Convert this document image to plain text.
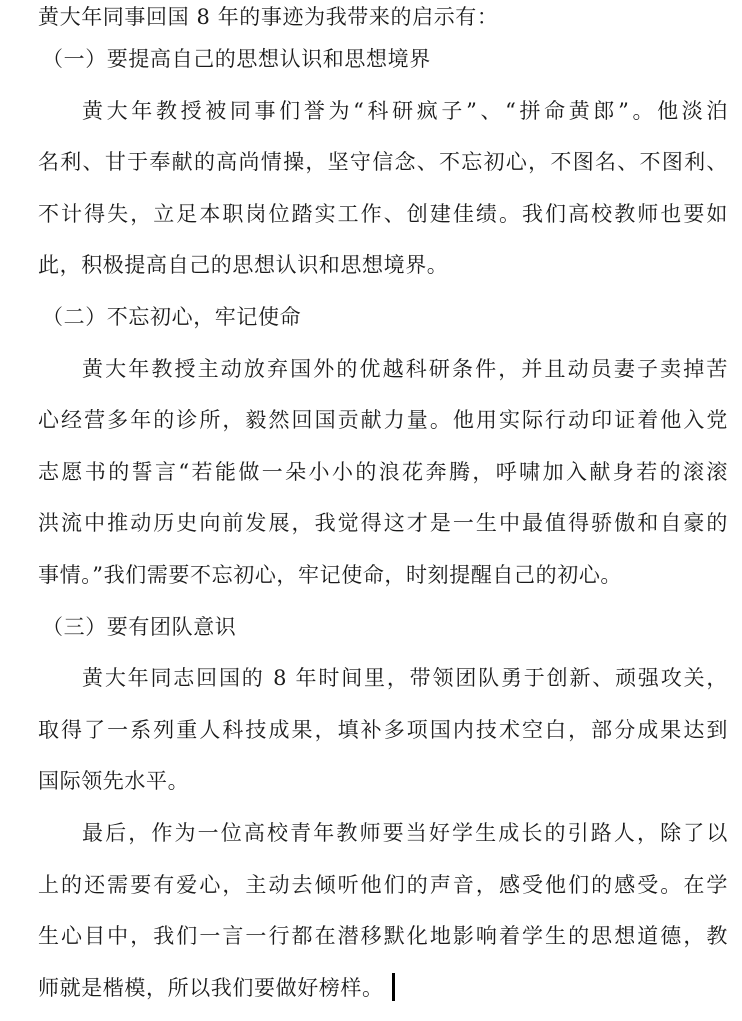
黄大年同事回国 8 年的事迹为我带来的启示有：
（一）要提高自己的思想认识和思想境界
黄大年教授被同事们誉为“科研疯子”、“拼命黄郎”。他淡泊
名利、甘于奉献的高尚情操，坚守信念、不忘初心，不图名、不图利、
不计得失，立足本职岗位踏实工作、创建佳绩。我们高校教师也要如
此，积极提高自己的思想认识和思想境界。
（二）不忘初心，牢记使命
黄大年教授主动放弃国外的优越科研条件，并且动员妻子卖掉苦
心经营多年的诊所，毅然回国贡献力量。他用实际行动印证着他入党
志愿书的誓言“若能做一朵小小的浪花奔腾，呼啸加入献身若的滚滚
洪流中推动历史向前发展，我觉得这才是一生中最值得骄傲和自豪的
事情。”我们需要不忘初心，牢记使命，时刻提醒自己的初心。
（三）要有团队意识
黄大年同志回国的 8 年时间里，带领团队勇于创新、顽强攻关，
取得了一系列重人科技成果，填补多项国内技术空白，部分成果达到
国际领先水平。
最后，作为一位高校青年教师要当好学生成长的引路人，除了以
上的还需要有爱心，主动去倾听他们的声音，感受他们的感受。在学
生心目中，我们一言一行都在潜移默化地影响着学生的思想道德，教
师就是楷模，所以我们要做好榜样。
